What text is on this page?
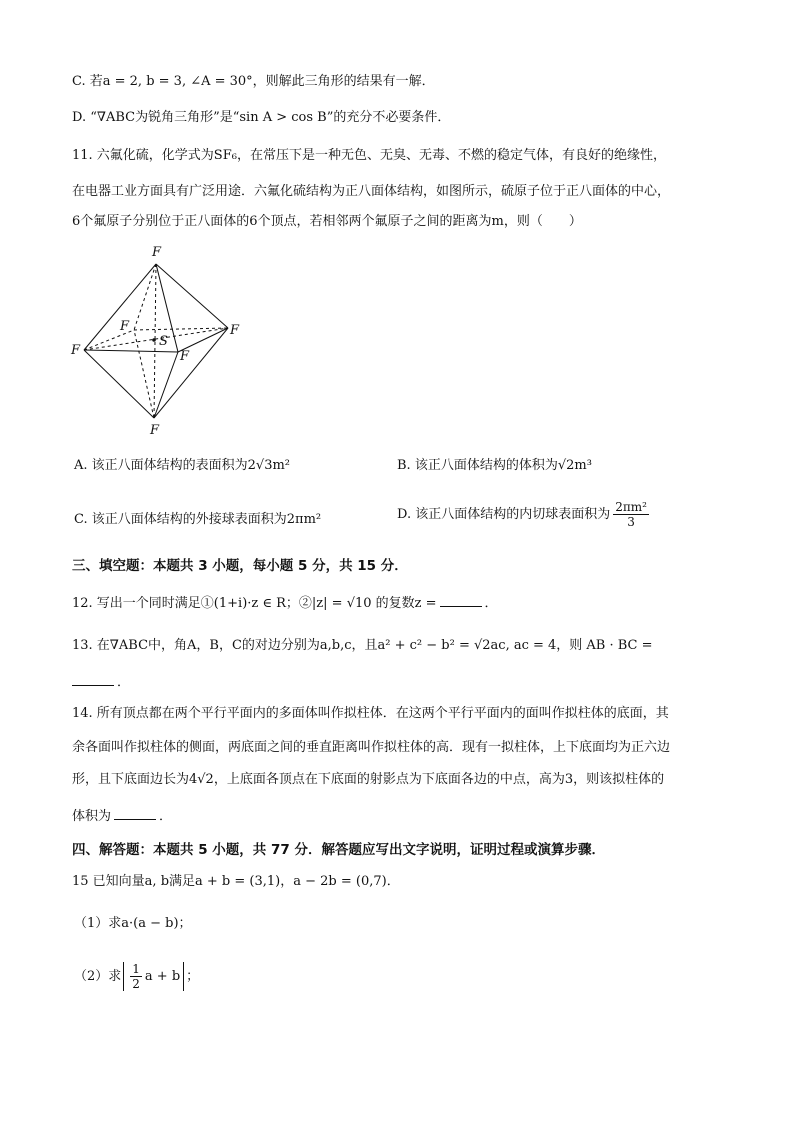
C. 若a = 2, b = 3, ∠A = 30°，则解此三角形的结果有一解．
D. “∇ABC为锐角三角形”是“sin A > cos B”的充分不必要条件．
11. 六氟化硫，化学式为SF₆，在常压下是一种无色、无臭、无毒、不燃的稳定气体，有良好的绝缘性，
在电器工业方面具有广泛用途．六氟化硫结构为正八面体结构，如图所示，硫原子位于正八面体的中心，
6个氟原子分别位于正八面体的6个顶点，若相邻两个氟原子之间的距离为m，则（　　）
F
F
S
F
F	F
F
A. 该正八面体结构的表面积为2√3m²	B. 该正八面体结构的体积为√2m³
C. 该正八面体结构的外接球表面积为2πm²	D. 该正八面体结构的内切球表面积为 $\frac{\text{2πm²}}{3}$
三、填空题：本题共 3 小题，每小题 5 分，共 15 分．
12. 写出一个同时满足①(1+i)·z ∈ R；②|z| = √10 的复数z =	．
13. 在∇ABC中，角A，B，C的对边分别为a,b,c，且a² + c² − b² = √2ac, ac = 4，则 AB · BC =
．
14. 所有顶点都在两个平行平面内的多面体叫作拟柱体．在这两个平行平面内的面叫作拟柱体的底面，其
余各面叫作拟柱体的侧面，两底面之间的垂直距离叫作拟柱体的高．现有一拟柱体，上下底面均为正六边
形，且下底面边长为4√2，上底面各顶点在下底面的射影点为下底面各边的中点，高为3，则该拟柱体的
体积为	．
四、解答题：本题共 5 小题，共 77 分．解答题应写出文字说明，证明过程或演算步骤．
15 已知向量a, b满足a + b = (3,1)，a − 2b = (0,7)．
（1）求a·(a − b)；
（2）求 $\frac{1}{2}$ a + b ；
